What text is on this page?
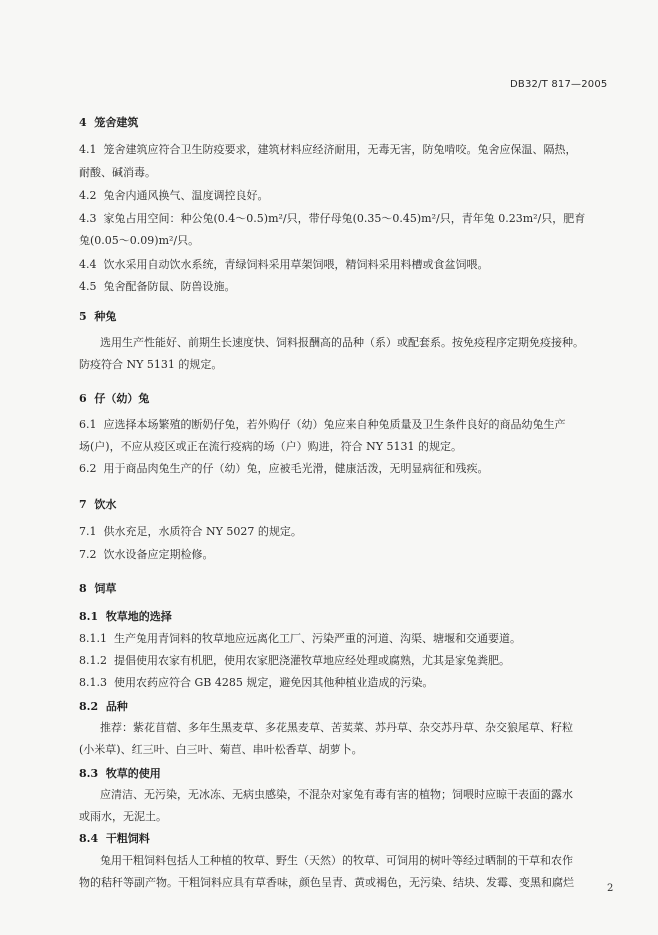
DB32/T 817—2005
4 笼舍建筑
4.1 笼舍建筑应符合卫生防疫要求，建筑材料应经济耐用，无毒无害，防兔啃咬。兔舍应保温、隔热，
耐酸、碱消毒。
4.2 兔舍内通风换气、温度调控良好。
4.3 家兔占用空间：种公兔(0.4～0.5)m²/只，带仔母兔(0.35～0.45)m²/只，青年兔 0.23m²/只，肥育
兔(0.05～0.09)m²/只。
4.4 饮水采用自动饮水系统，青绿饲料采用草架饲喂，精饲料采用料槽或食盆饲喂。
4.5 兔舍配备防鼠、防兽设施。
5 种兔
选用生产性能好、前期生长速度快、饲料报酬高的品种（系）或配套系。按免疫程序定期免疫接种。
防疫符合 NY 5131 的规定。
6 仔（幼）兔
6.1 应选择本场繁殖的断奶仔兔，若外购仔（幼）兔应来自种兔质量及卫生条件良好的商品幼兔生产
场(户)，不应从疫区或正在流行疫病的场（户）购进，符合 NY 5131 的规定。
6.2 用于商品肉兔生产的仔（幼）兔，应被毛光滑，健康活泼，无明显病征和残疾。
7 饮水
7.1 供水充足，水质符合 NY 5027 的规定。
7.2 饮水设备应定期检修。
8 饲草
8.1 牧草地的选择
8.1.1 生产兔用青饲料的牧草地应远离化工厂、污染严重的河道、沟渠、塘堰和交通要道。
8.1.2 提倡使用农家有机肥，使用农家肥浇灌牧草地应经处理或腐熟，尤其是家兔粪肥。
8.1.3 使用农药应符合 GB 4285 规定，避免因其他种植业造成的污染。
8.2 品种
推荐：紫花苜蓿、多年生黑麦草、多花黑麦草、苦荬菜、苏丹草、杂交苏丹草、杂交狼尾草、籽粒
(小米草)、红三叶、白三叶、菊苣、串叶松香草、胡萝卜。
8.3 牧草的使用
应清洁、无污染，无冰冻、无病虫感染，不混杂对家兔有毒有害的植物；饲喂时应晾干表面的露水
或雨水，无泥土。
8.4 干粗饲料
兔用干粗饲料包括人工种植的牧草、野生（天然）的牧草、可饲用的树叶等经过晒制的干草和农作
物的秸秆等副产物。干粗饲料应具有草香味，颜色呈青、黄或褐色，无污染、结块、发霉、变黑和腐烂	2
